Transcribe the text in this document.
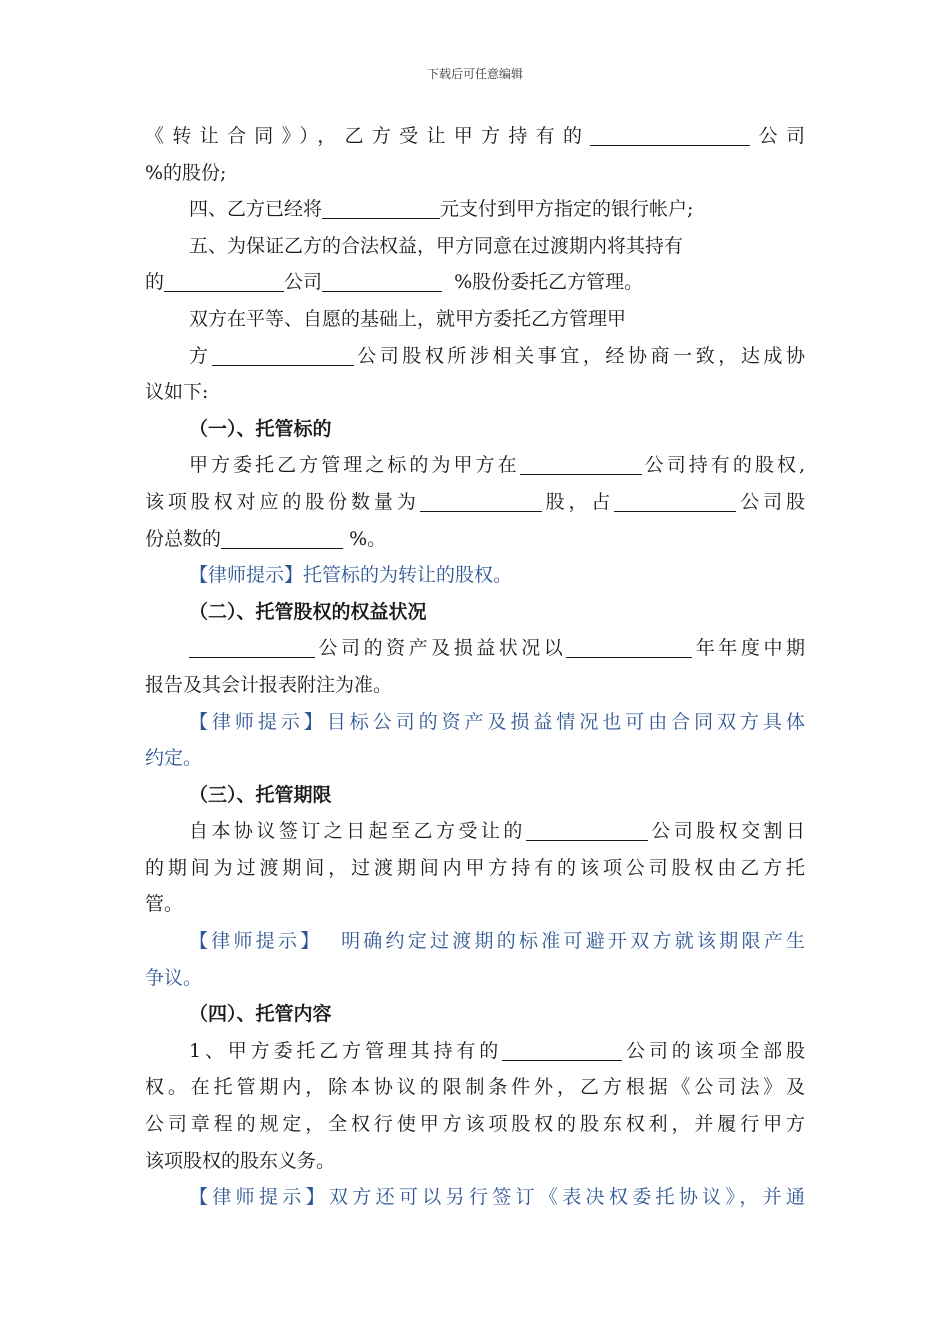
下载后可任意编辑
《转让合同》），乙方受让甲方持有的	公司
%的股份;
四、乙方已经将	元支付到甲方指定的银行帐户;
五、为保证乙方的合法权益，甲方同意在过渡期内将其持有
的	公司	%股份委托乙方管理。
双方在平等、自愿的基础上，就甲方委托乙方管理甲
方	公司股权所涉相关事宜，经协商一致，达成协
议如下:
（一）、托管标的
甲方委托乙方管理之标的为甲方在	公司持有的股权,
该项股权对应的股份数量为	股，占	公司股
份总数的	%。
【律师提示】托管标的为转让的股权。
（二）、托管股权的权益状况
公司的资产及损益状况以	年年度中期
报告及其会计报表附注为准。
【律师提示】目标公司的资产及损益情况也可由合同双方具体
约定。
（三）、托管期限
自本协议签订之日起至乙方受让的	公司股权交割日
的期间为过渡期间，过渡期间内甲方持有的该项公司股权由乙方托
管。
【律师提示】 明确约定过渡期的标准可避开双方就该期限产生
争议。
（四）、托管内容
1、甲方委托乙方管理其持有的	公司的该项全部股
权。在托管期内，除本协议的限制条件外，乙方根据《公司法》及
公司章程的规定，全权行使甲方该项股权的股东权利，并履行甲方
该项股权的股东义务。
【律师提示】双方还可以另行签订《表决权委托协议》，并通
